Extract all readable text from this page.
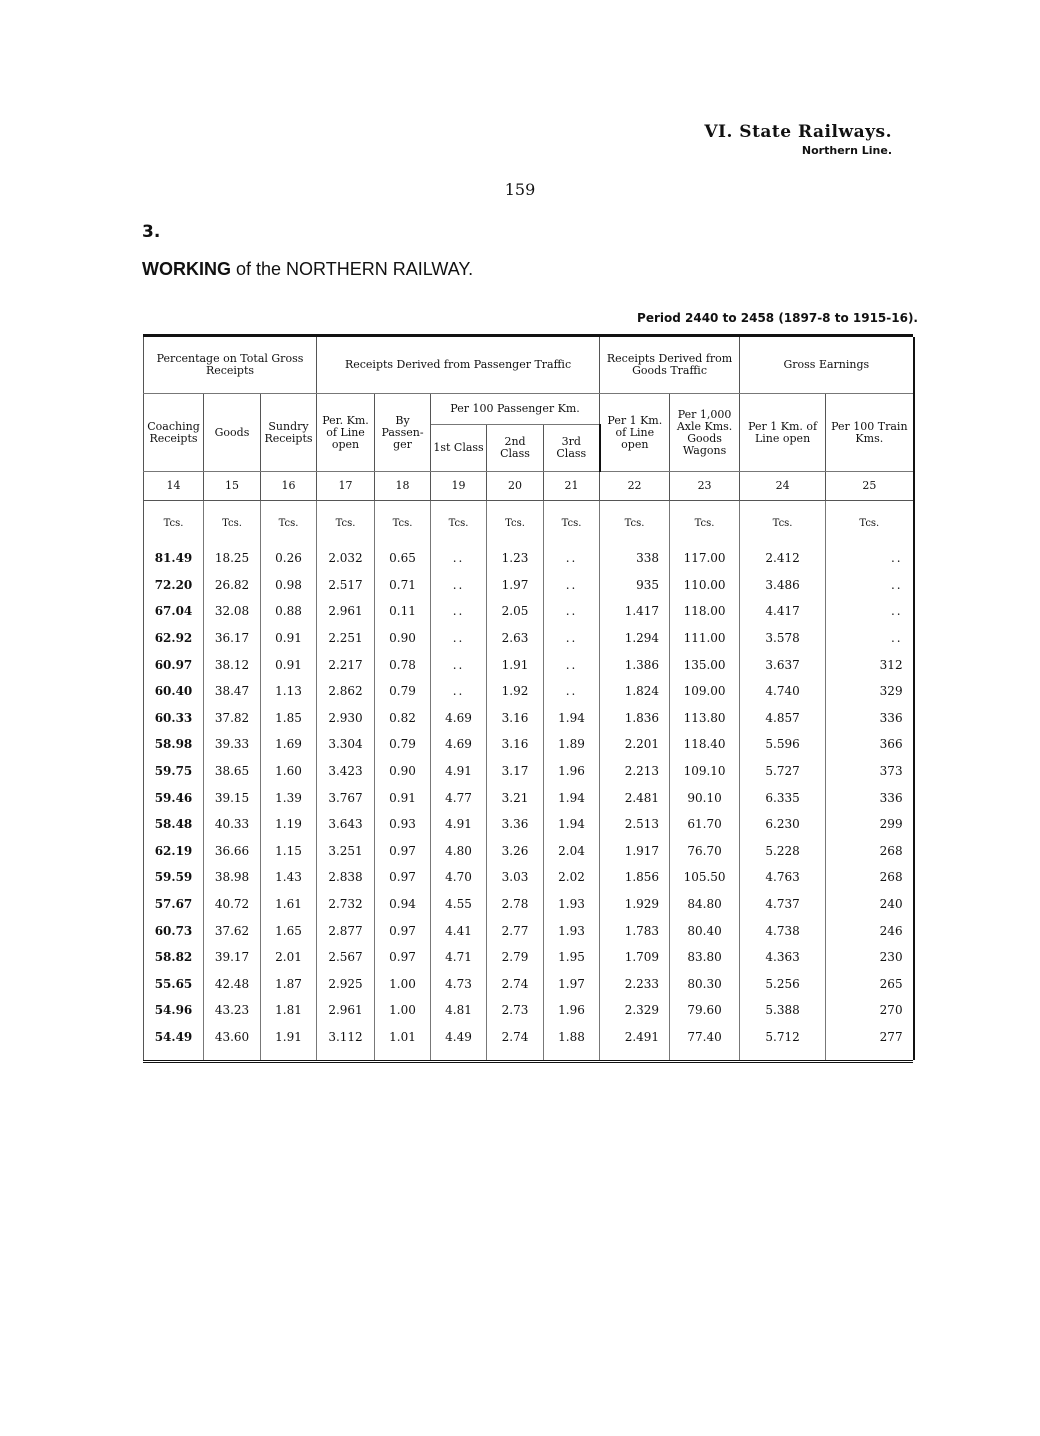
VI. State Railways.
Northern Line.
159
3.
WORKING of the NORTHERN RAILWAY.
Period 2440 to 2458 (1897-8 to 1915-16).
Percentage on Total Gross Receipts			Receipts Derived from Passenger Traffic					Receipts Derived from Goods Traffic		Gross Earnings	
Coaching Receipts	Goods	Sundry Receipts	Per. Km. of Line open	By Passen- ger	Per 100 Passenger Km.			Per 1 Km. of Line open	Per 1,000 Axle Kms. Goods Wagons	Per 1 Km. of Line open	Per 100 Train Kms.
					1st Class	2nd Class	3rd Class				
14	15	16	17	18	19	20	21	22	23	24	25
Tcs.	Tcs.	Tcs.	Tcs.	Tcs.	Tcs.	Tcs.	Tcs.	Tcs.	Tcs.	Tcs.	Tcs.
81.49	18.25	0.26	2.032	0.65	..	1.23	..	338	117.00	2.412	..
72.20	26.82	0.98	2.517	0.71	..	1.97	..	935	110.00	3.486	..
67.04	32.08	0.88	2.961	0.11	..	2.05	..	1.417	118.00	4.417	..
62.92	36.17	0.91	2.251	0.90	..	2.63	..	1.294	111.00	3.578	..
60.97	38.12	0.91	2.217	0.78	..	1.91	..	1.386	135.00	3.637	312
60.40	38.47	1.13	2.862	0.79	..	1.92	..	1.824	109.00	4.740	329
60.33	37.82	1.85	2.930	0.82	4.69	3.16	1.94	1.836	113.80	4.857	336
58.98	39.33	1.69	3.304	0.79	4.69	3.16	1.89	2.201	118.40	5.596	366
59.75	38.65	1.60	3.423	0.90	4.91	3.17	1.96	2.213	109.10	5.727	373
59.46	39.15	1.39	3.767	0.91	4.77	3.21	1.94	2.481	90.10	6.335	336
58.48	40.33	1.19	3.643	0.93	4.91	3.36	1.94	2.513	61.70	6.230	299
62.19	36.66	1.15	3.251	0.97	4.80	3.26	2.04	1.917	76.70	5.228	268
59.59	38.98	1.43	2.838	0.97	4.70	3.03	2.02	1.856	105.50	4.763	268
57.67	40.72	1.61	2.732	0.94	4.55	2.78	1.93	1.929	84.80	4.737	240
60.73	37.62	1.65	2.877	0.97	4.41	2.77	1.93	1.783	80.40	4.738	246
58.82	39.17	2.01	2.567	0.97	4.71	2.79	1.95	1.709	83.80	4.363	230
55.65	42.48	1.87	2.925	1.00	4.73	2.74	1.97	2.233	80.30	5.256	265
54.96	43.23	1.81	2.961	1.00	4.81	2.73	1.96	2.329	79.60	5.388	270
54.49	43.60	1.91	3.112	1.01	4.49	2.74	1.88	2.491	77.40	5.712	277
